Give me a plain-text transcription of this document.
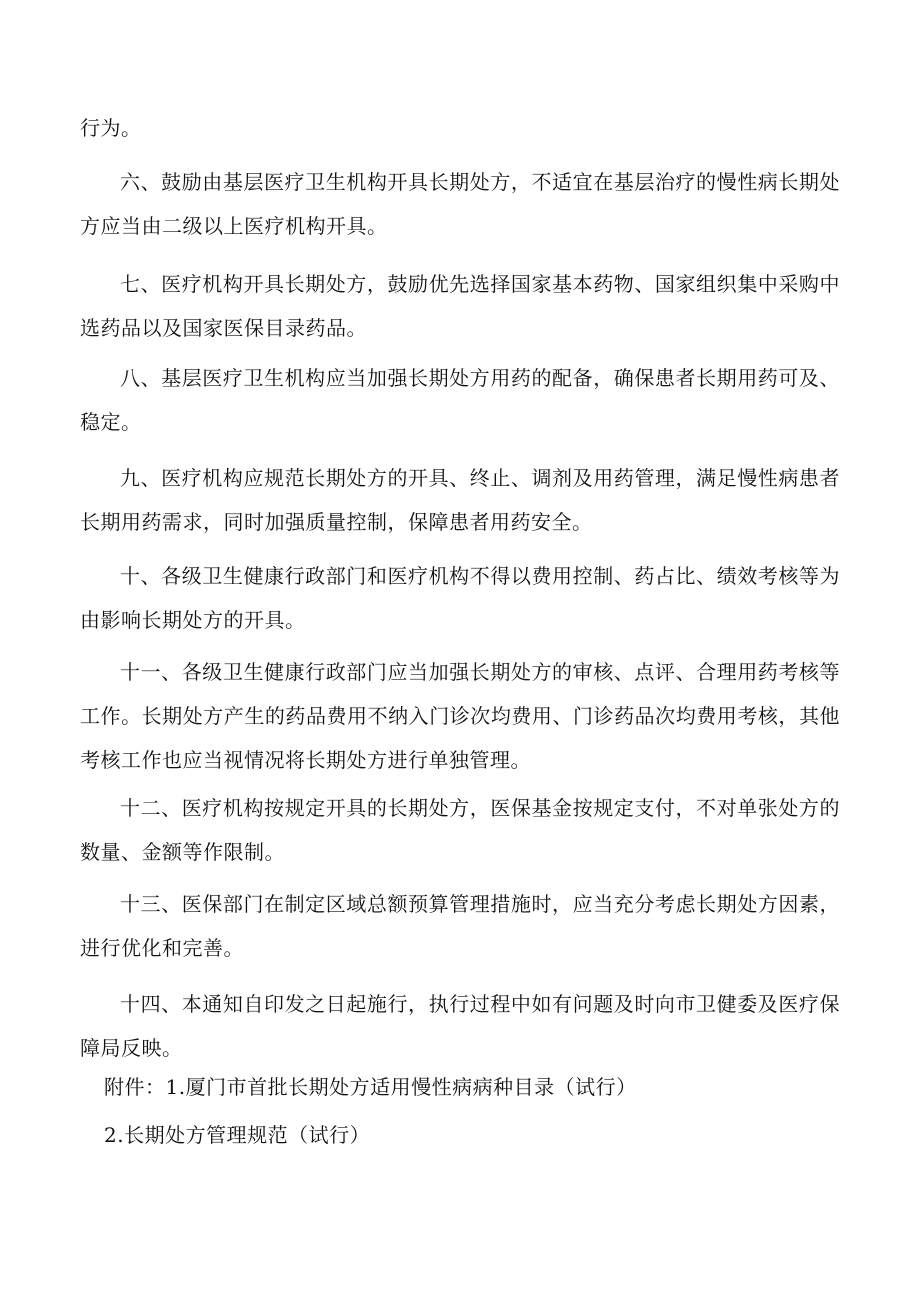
行为。

六、鼓励由基层医疗卫生机构开具长期处方，不适宜在基层治疗的慢性病长期处方应当由二级以上医疗机构开具。

七、医疗机构开具长期处方，鼓励优先选择国家基本药物、国家组织集中采购中选药品以及国家医保目录药品。

八、基层医疗卫生机构应当加强长期处方用药的配备，确保患者长期用药可及、稳定。

九、医疗机构应规范长期处方的开具、终止、调剂及用药管理，满足慢性病患者长期用药需求，同时加强质量控制，保障患者用药安全。

十、各级卫生健康行政部门和医疗机构不得以费用控制、药占比、绩效考核等为由影响长期处方的开具。

十一、各级卫生健康行政部门应当加强长期处方的审核、点评、合理用药考核等工作。长期处方产生的药品费用不纳入门诊次均费用、门诊药品次均费用考核，其他考核工作也应当视情况将长期处方进行单独管理。

十二、医疗机构按规定开具的长期处方，医保基金按规定支付，不对单张处方的数量、金额等作限制。

十三、医保部门在制定区域总额预算管理措施时，应当充分考虑长期处方因素，进行优化和完善。

十四、本通知自印发之日起施行，执行过程中如有问题及时向市卫健委及医疗保障局反映。

附件：1.厦门市首批长期处方适用慢性病病种目录（试行）

2.长期处方管理规范（试行）
